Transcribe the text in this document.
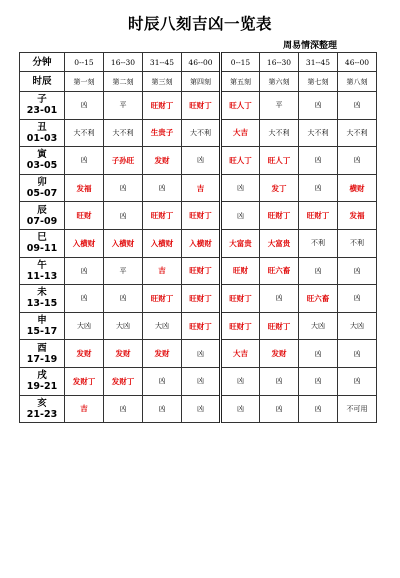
时辰八刻吉凶一览表
周易情深整理
分钟	0--15	16--30	31--45	46--00	0--15	16--30	31--45	46--00
时辰	第一刻	第二刻	第三刻	第四刻	第五刻	第六刻	第七刻	第八刻

子
23-01	凶	平	旺财丁	旺财丁	旺人丁	平	凶	凶

丑
01-03	大不利	大不利	生贵子	大不利	大吉	大不利	大不利	大不利

寅
03-05	凶	子孙旺	发财	凶	旺人丁	旺人丁	凶	凶

卯
05-07	发福	凶	凶	吉	凶	发丁	凶	横财

辰
07-09	旺财	凶	旺财丁	旺财丁	凶	旺财丁	旺财丁	发福

巳
09-11	入横财	入横财	入横财	入横财	大富贵	大富贵	不利	不利

午
11-13	凶	平	吉	旺财丁	旺财	旺六畜	凶	凶

未
13-15	凶	凶	旺财丁	旺财丁	旺财丁	凶	旺六畜	凶

申
15-17	大凶	大凶	大凶	旺财丁	旺财丁	旺财丁	大凶	大凶

酉
17-19	发财	发财	发财	凶	大吉	发财	凶	凶

戌
19-21	发财丁	发财丁	凶	凶	凶	凶	凶	凶

亥
21-23	吉	凶	凶	凶	凶	凶	凶	不可用
